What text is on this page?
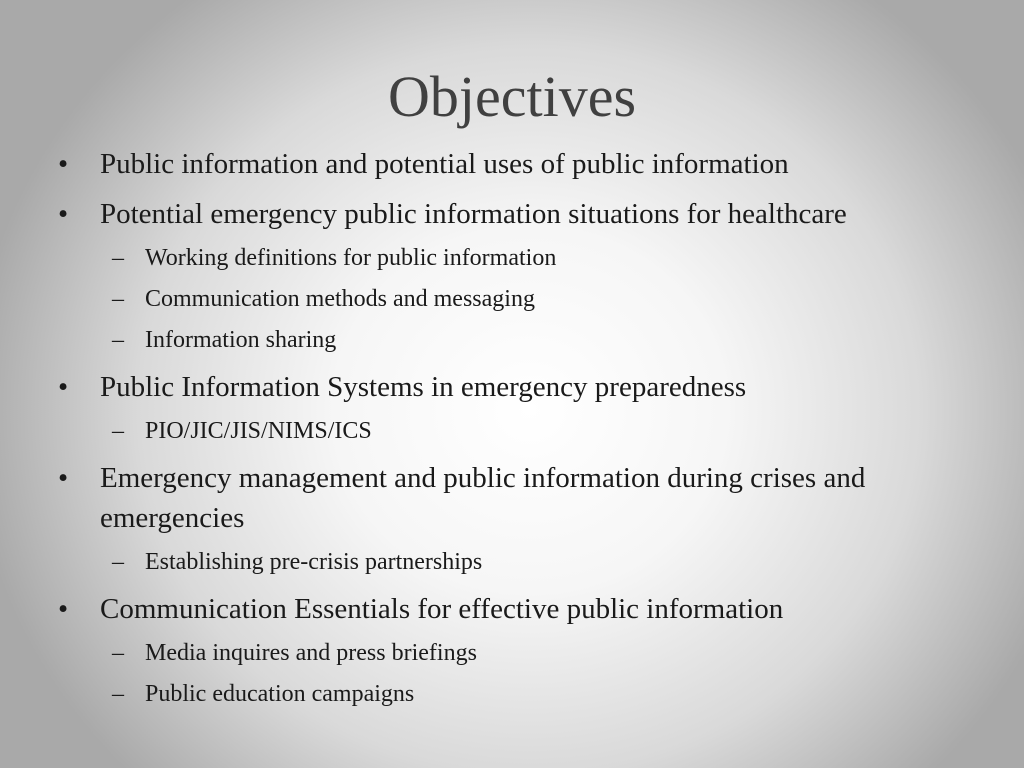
Objectives
• Public information and potential uses of public information
• Potential emergency public information situations for healthcare
– Working definitions for public information
– Communication methods and messaging
– Information sharing
• Public Information Systems in emergency preparedness
– PIO/JIC/JIS/NIMS/ICS
• Emergency management and public information during crises and emergencies
– Establishing pre-crisis partnerships
• Communication Essentials for effective public information
– Media inquires and press briefings
– Public education campaigns
